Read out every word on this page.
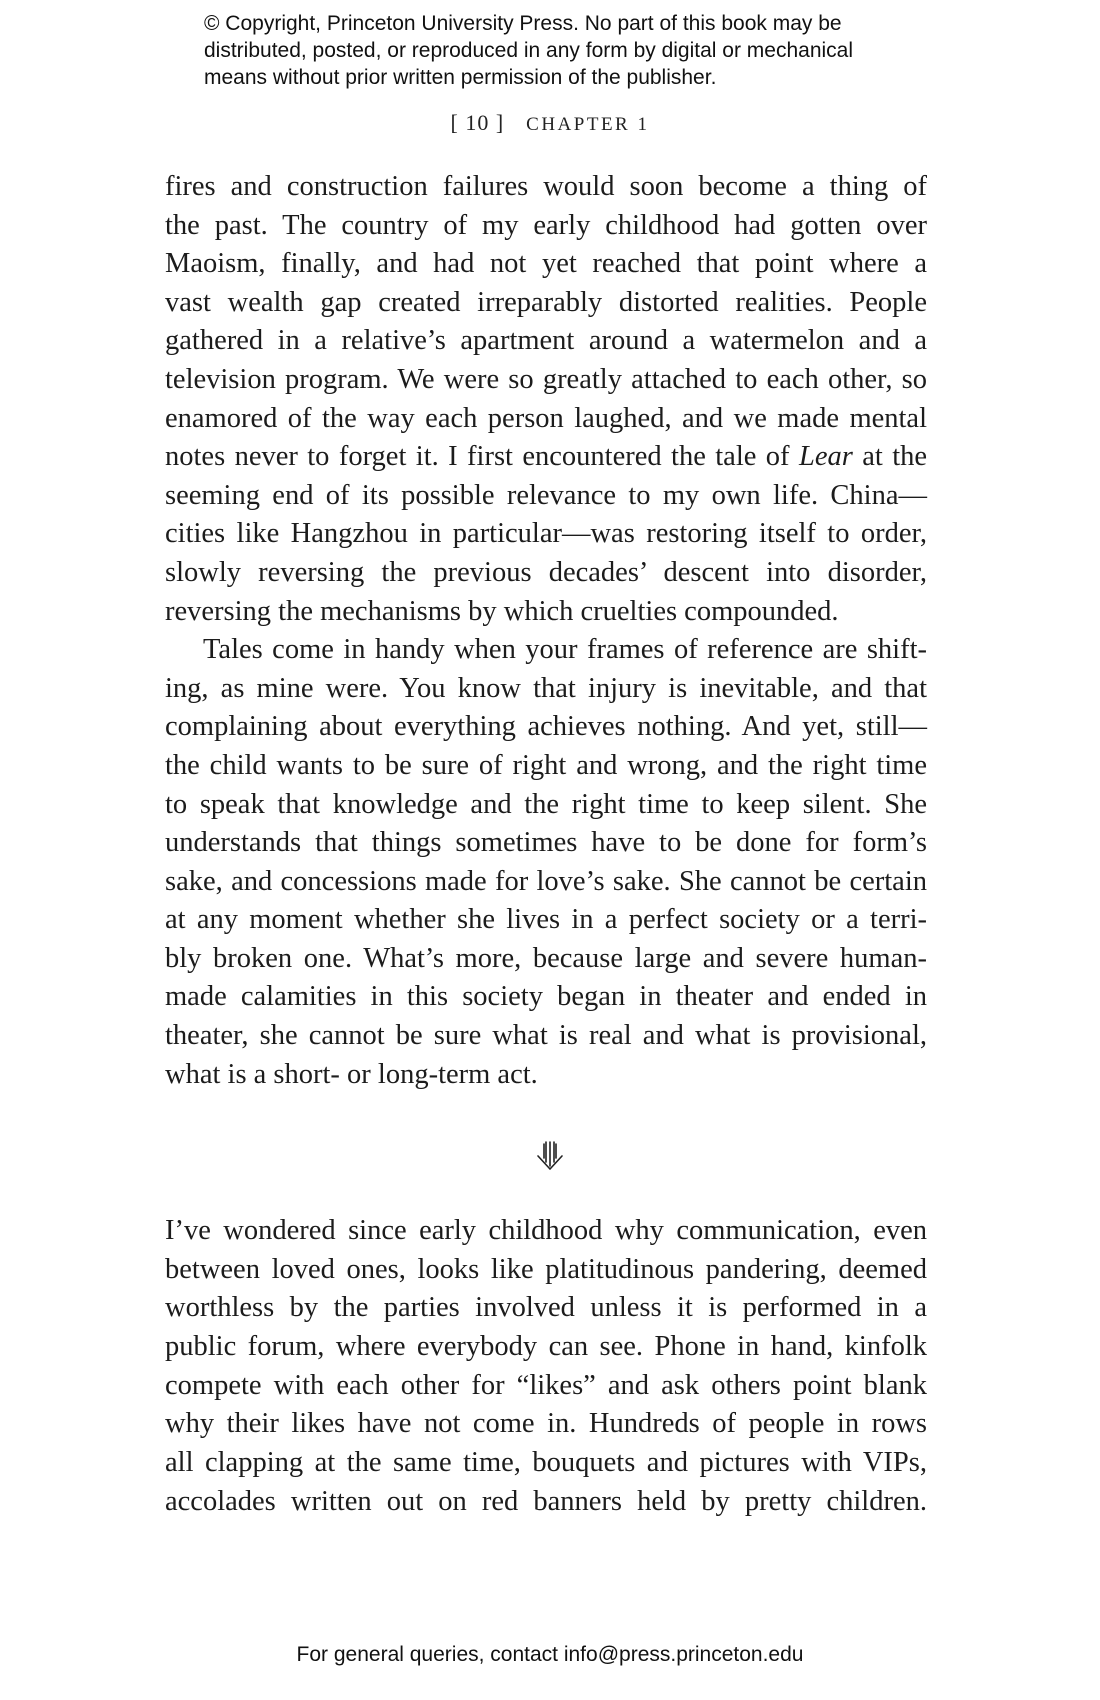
© Copyright, Princeton University Press. No part of this book may be
distributed, posted, or reproduced in any form by digital or mechanical
means without prior written permission of the publisher.
[ 10 ] CHAPTER 1
fires and construction failures would soon become a thing of
the past. The country of my early childhood had gotten over
Maoism, finally, and had not yet reached that point where a
vast wealth gap created irreparably distorted realities. People
gathered in a relative’s apartment around a watermelon and a
television program. We were so greatly attached to each other, so
enamored of the way each person laughed, and we made mental
notes never to forget it. I first encountered the tale of Lear at the
seeming end of its possible relevance to my own life. China—
cities like Hangzhou in particular—was restoring itself to order,
slowly reversing the previous decades’ descent into disorder,
reversing the mechanisms by which cruelties compounded.
Tales come in handy when your frames of reference are shift-
ing, as mine were. You know that injury is inevitable, and that
complaining about everything achieves nothing. And yet, still—
the child wants to be sure of right and wrong, and the right time
to speak that knowledge and the right time to keep silent. She
understands that things sometimes have to be done for form’s
sake, and concessions made for love’s sake. She cannot be certain
at any moment whether she lives in a perfect society or a terri-
bly broken one. What’s more, because large and severe human-
made calamities in this society began in theater and ended in
theater, she cannot be sure what is real and what is provisional,
what is a short- or long-term act.
I’ve wondered since early childhood why communication, even
between loved ones, looks like platitudinous pandering, deemed
worthless by the parties involved unless it is performed in a
public forum, where everybody can see. Phone in hand, kinfolk
compete with each other for “likes” and ask others point blank
why their likes have not come in. Hundreds of people in rows
all clapping at the same time, bouquets and pictures with VIPs,
accolades written out on red banners held by pretty children.
For general queries, contact info@press.princeton.edu
